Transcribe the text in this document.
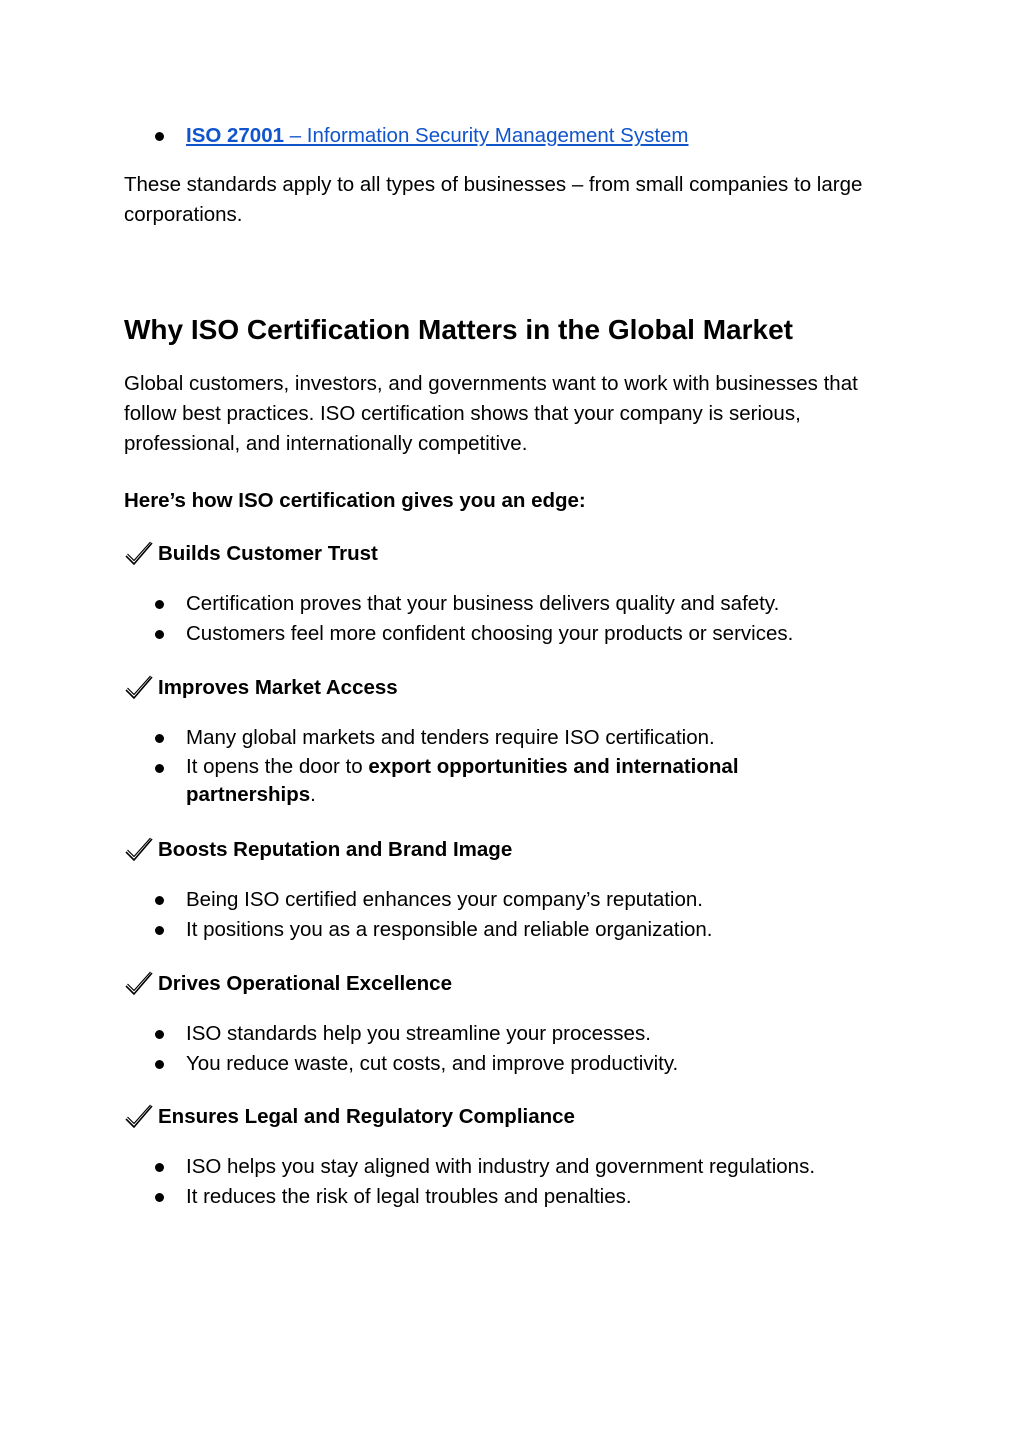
ISO 27001 – Information Security Management System
These standards apply to all types of businesses – from small companies to large corporations.
Why ISO Certification Matters in the Global Market
Global customers, investors, and governments want to work with businesses that follow best practices. ISO certification shows that your company is serious, professional, and internationally competitive.
Here’s how ISO certification gives you an edge:
Builds Customer Trust
Certification proves that your business delivers quality and safety.
Customers feel more confident choosing your products or services.
Improves Market Access
Many global markets and tenders require ISO certification.
It opens the door to export opportunities and international partnerships.
Boosts Reputation and Brand Image
Being ISO certified enhances your company’s reputation.
It positions you as a responsible and reliable organization.
Drives Operational Excellence
ISO standards help you streamline your processes.
You reduce waste, cut costs, and improve productivity.
Ensures Legal and Regulatory Compliance
ISO helps you stay aligned with industry and government regulations.
It reduces the risk of legal troubles and penalties.
